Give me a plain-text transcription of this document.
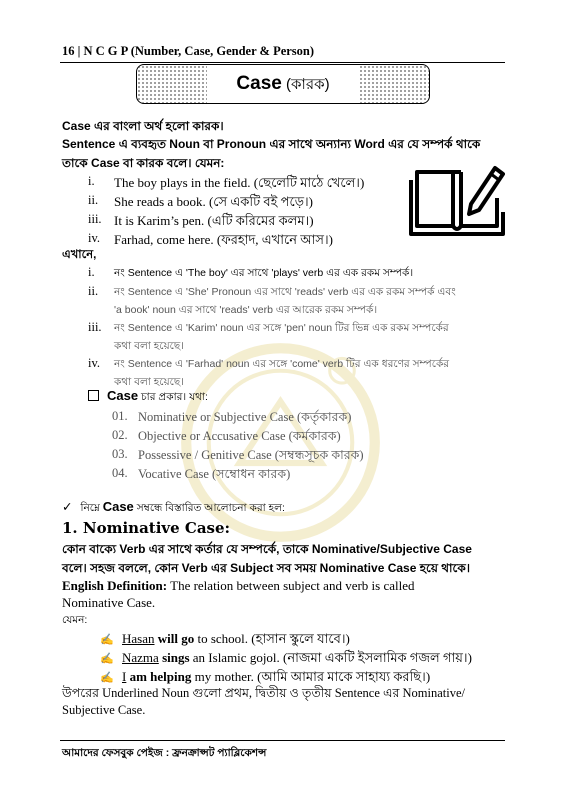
16 | N C G P (Number, Case, Gender & Person)
Case (কারক)
Case এর বাংলা অর্থ হলো কারক।
Sentence এ ব্যবহৃত Noun বা Pronoun এর সাথে অন্যান্য Word এর যে সম্পর্ক থাকে
তাকে Case বা কারক বলে। যেমন:
i. The boy plays in the field. (ছেলেটি মাঠে খেলে।)
ii. She reads a book. (সে একটি বই পড়ে।)
iii. It is Karim’s pen. (এটি করিমের কলম।)
iv. Farhad, come here. (ফরহাদ, এখানে আস।)
এখানে,
i. নং Sentence এ 'The boy' এর সাথে 'plays' verb এর এক রকম সম্পর্ক।
ii. নং Sentence এ 'She' Pronoun এর সাথে 'reads' verb এর এক রকম সম্পর্ক এবং
'a book' noun এর সাথে 'reads' verb এর আরেক রকম সম্পর্ক।
iii. নং Sentence এ 'Karim' noun এর সঙ্গে 'pen' noun টির ভিন্ন এক রকম সম্পর্কের
কথা বলা হয়েছে।
iv. নং Sentence এ 'Farhad' noun এর সঙ্গে 'come' verb টির এক ধরণের সম্পর্কের
কথা বলা হয়েছে।
Case চার প্রকার। যথা:
01. Nominative or Subjective Case (কর্তৃকারক)
02. Objective or Accusative Case (কর্মকারক)
03. Possessive / Genitive Case (সম্বন্ধসূচক কারক)
04. Vocative Case (সম্বোধন কারক)
✓ নিম্নে Case সম্বন্ধে বিস্তারিত আলোচনা করা হল:
1. Nominative Case:
কোন বাক্যে Verb এর সাথে কর্তার যে সম্পর্কে, তাকে Nominative/Subjective Case
বলে। সহজ বললে, কোন Verb এর Subject সব সময় Nominative Case হয়ে থাকে।
English Definition: The relation between subject and verb is called
Nominative Case.
যেমন:
✍ Hasan will go to school. (হাসান স্কুলে যাবে।)
✍ Nazma sings an Islamic gojol. (নাজমা একটি ইসলামিক গজল গায়।)
✍ I am helping my mother. (আমি আমার মাকে সাহায্য করছি।)
উপরের Underlined Noun গুলো প্রথম, দ্বিতীয় ও তৃতীয় Sentence এর Nominative/
Subjective Case.
আমাদের ফেসবুক পেইজ : ফ্রনক্রাপ্সট প্যাব্লিকেশন্স
